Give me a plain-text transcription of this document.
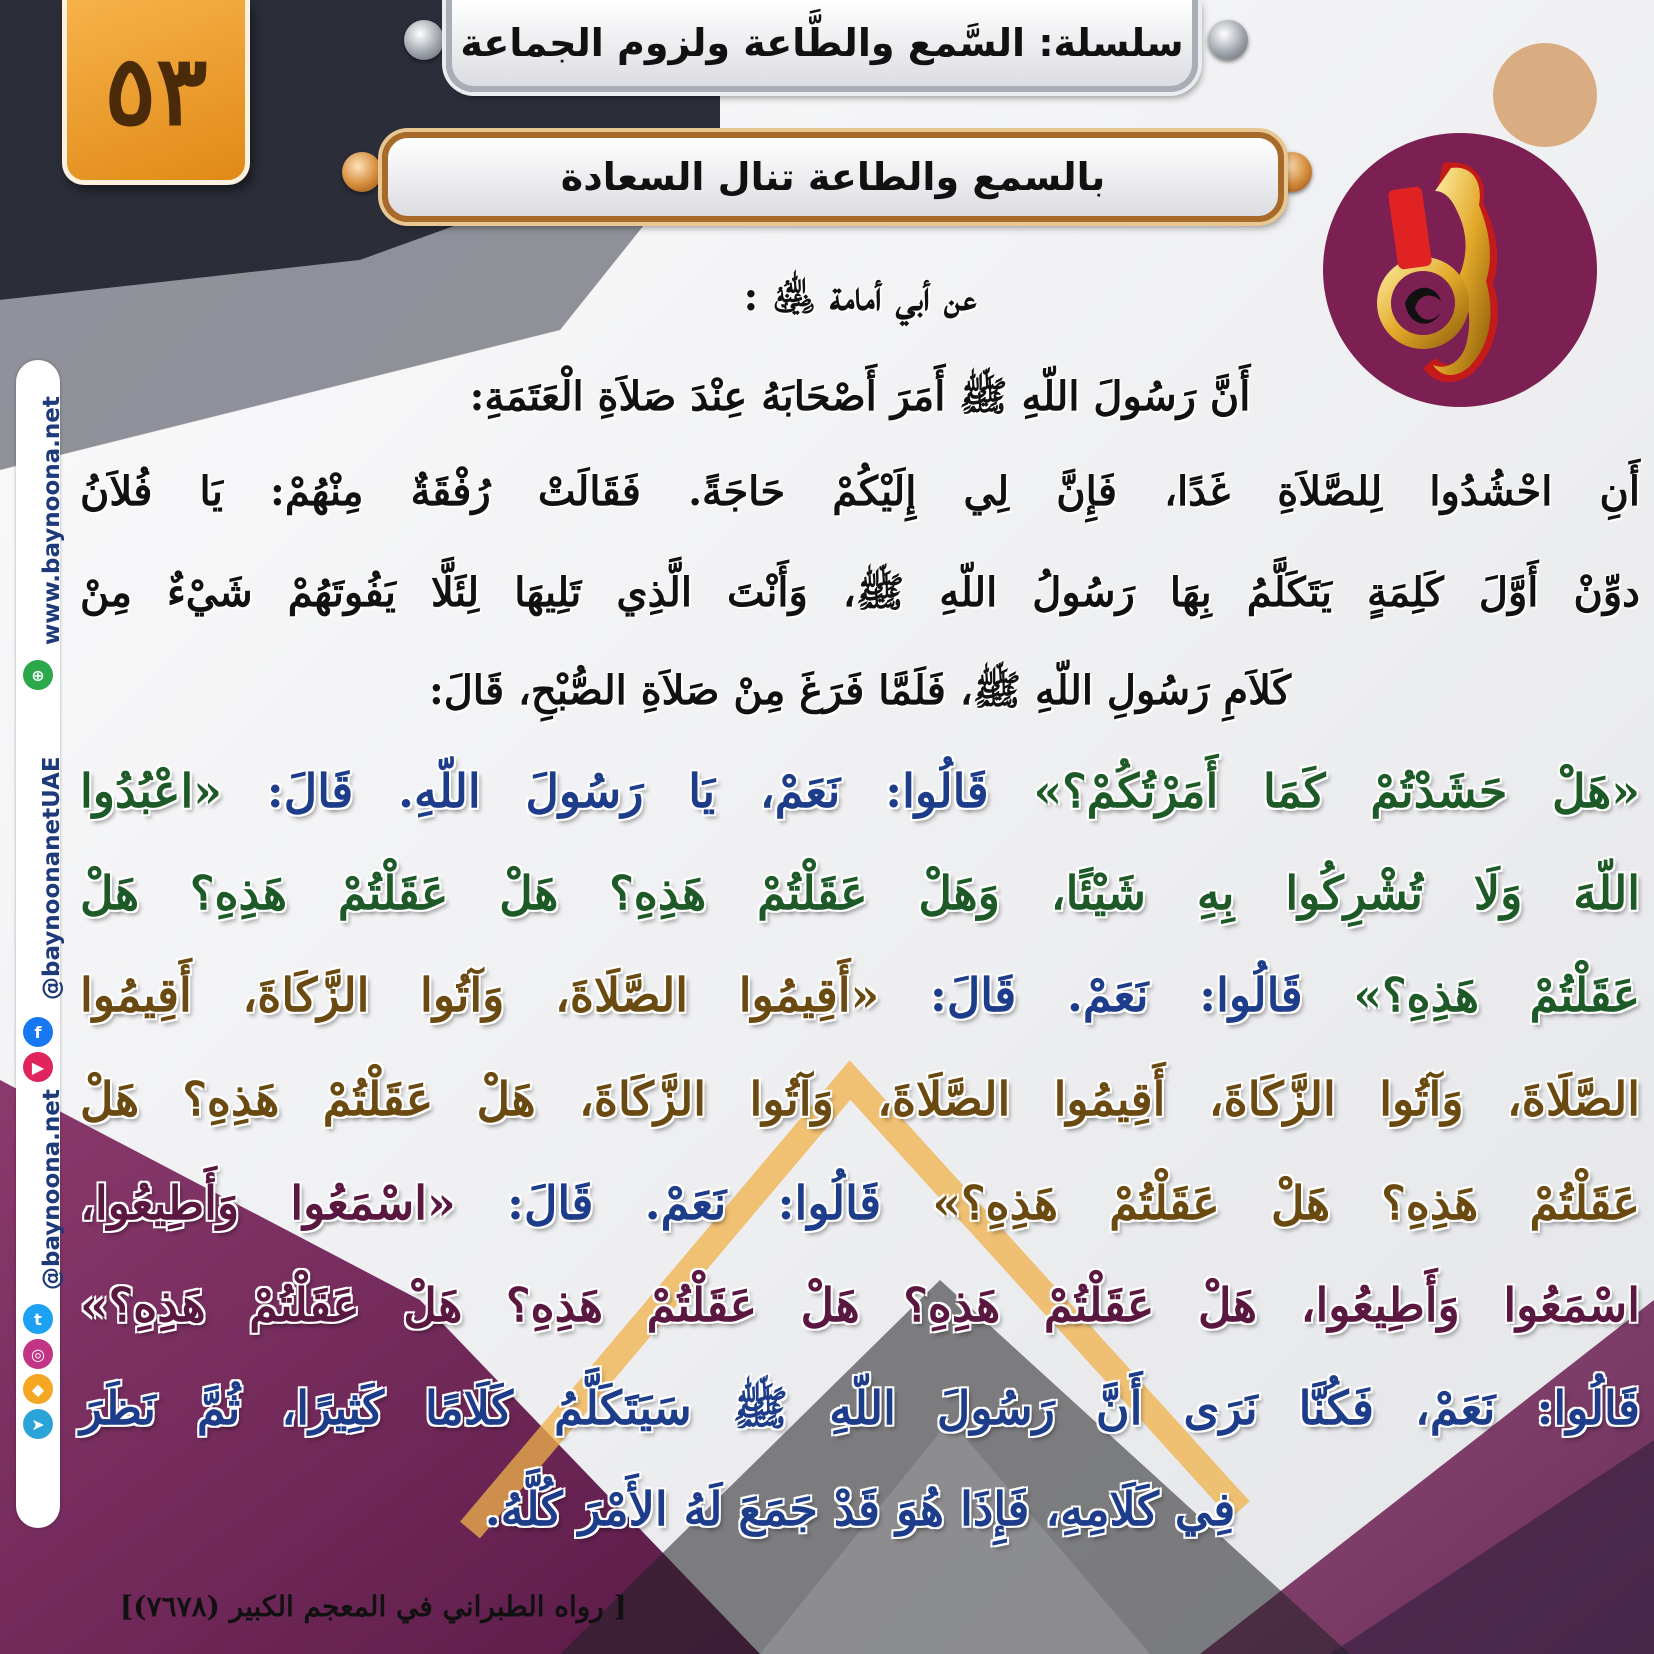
٥٣	سلسلة: السَّمع والطَّاعة ولزوم الجماعة
بالسمع والطاعة تنال السعادة
www.baynoona.net
⊕
@baynoonanetUAE
f
▶
@baynoona.net
t
◎
◆
➤
عن أبي أمامة ﵁ :
أَنَّ رَسُولَ اللّهِ ﷺ أَمَرَ أَصْحَابَهُ عِنْدَ صَلاَةِ الْعَتَمَةِ:
أَنِ احْشُدُوا لِلصَّلاَةِ غَدًا، فَإِنَّ لِي إِلَيْكُمْ حَاجَةً. فَقَالَتْ رُفْقَةٌ مِنْهُمْ: يَا فُلاَنُ
دوِّنْ أَوَّلَ كَلِمَةٍ يَتَكَلَّمُ بِهَا رَسُولُ اللّهِ ﷺ، وَأَنْتَ الَّذِي تَلِيهَا لِئَلَّا يَفُوتَهُمْ شَيْءٌ مِنْ
كَلاَمِ رَسُولِ اللّهِ ﷺ، فَلَمَّا فَرَغَ مِنْ صَلاَةِ الصُّبْحِ، قَالَ:
«هَلْ حَشَدْتُمْ كَمَا أَمَرْتُكُمْ؟» قَالُوا: نَعَمْ، يَا رَسُولَ اللّهِ. قَالَ: «اعْبُدُوا
اللّهَ وَلَا تُشْرِكُوا بِهِ شَيْئًا، وَهَلْ عَقَلْتُمْ هَذِهِ؟ هَلْ عَقَلْتُمْ هَذِهِ؟ هَلْ
عَقَلْتُمْ هَذِهِ؟» قَالُوا: نَعَمْ. قَالَ: «أَقِيمُوا الصَّلَاةَ، وَآتُوا الزَّكَاةَ، أَقِيمُوا
الصَّلَاةَ، وَآتُوا الزَّكَاةَ، أَقِيمُوا الصَّلَاةَ، وَآتُوا الزَّكَاةَ، هَلْ عَقَلْتُمْ هَذِهِ؟ هَلْ
عَقَلْتُمْ هَذِهِ؟ هَلْ عَقَلْتُمْ هَذِهِ؟» قَالُوا: نَعَمْ. قَالَ: «اسْمَعُوا وَأَطِيعُوا،
اسْمَعُوا وَأَطِيعُوا، هَلْ عَقَلْتُمْ هَذِهِ؟ هَلْ عَقَلْتُمْ هَذِهِ؟ هَلْ عَقَلْتُمْ هَذِهِ؟»
قَالُوا: نَعَمْ، فَكُنَّا نَرَى أَنَّ رَسُولَ اللّهِ ﷺ سَيَتَكَلَّمُ كَلَامًا كَثِيرًا، ثُمَّ نَظَرَ
فِي كَلَامِهِ، فَإِذَا هُوَ قَدْ جَمَعَ لَهُ الأَمْرَ كُلَّهُ.
[ رواه الطبراني في المعجم الكبير (٧٦٧٨)]
